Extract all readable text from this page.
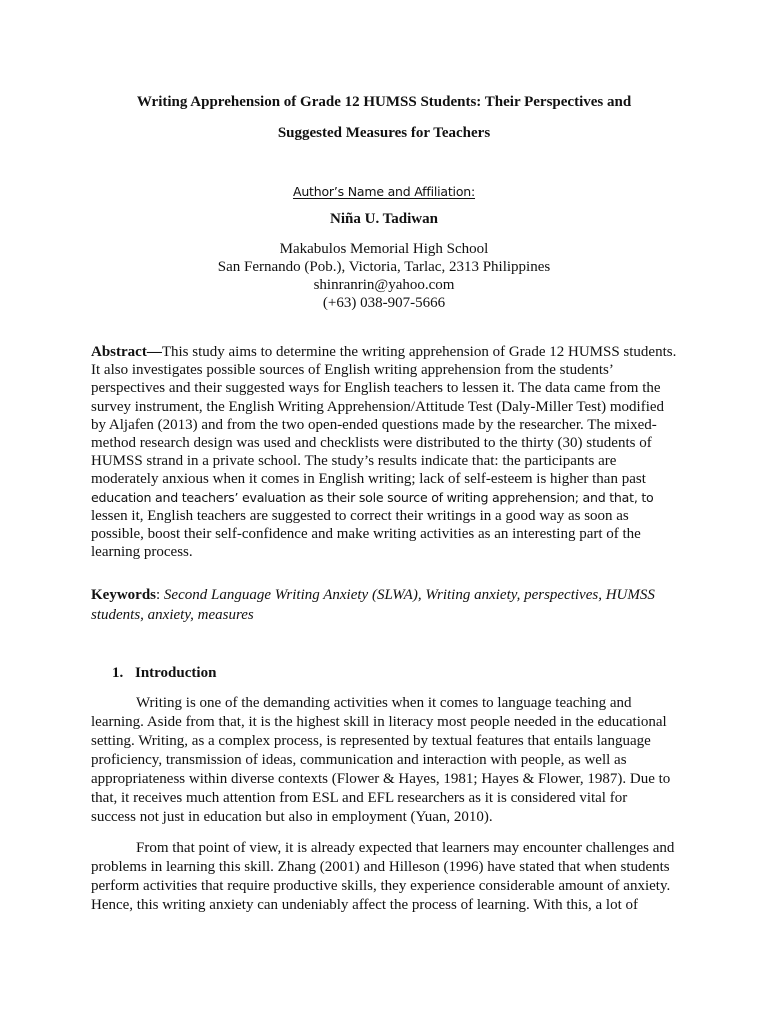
Writing Apprehension of Grade 12 HUMSS Students: Their Perspectives and
Suggested Measures for Teachers
Author’s Name and Affiliation:
Niña U. Tadiwan
Makabulos Memorial High School
San Fernando (Pob.), Victoria, Tarlac, 2313 Philippines
shinranrin@yahoo.com
(+63) 038-907-5666
Abstract—This study aims to determine the writing apprehension of Grade 12 HUMSS students.
It also investigates possible sources of English writing apprehension from the students’
perspectives and their suggested ways for English teachers to lessen it. The data came from the
survey instrument, the English Writing Apprehension/Attitude Test (Daly-Miller Test) modified
by Aljafen (2013) and from the two open-ended questions made by the researcher. The mixed-
method research design was used and checklists were distributed to the thirty (30) students of
HUMSS strand in a private school. The study’s results indicate that: the participants are
moderately anxious when it comes in English writing; lack of self-esteem is higher than past
education and teachers’ evaluation as their sole source of writing apprehension; and that, to
lessen it, English teachers are suggested to correct their writings in a good way as soon as
possible, boost their self-confidence and make writing activities as an interesting part of the
learning process.
Keywords: Second Language Writing Anxiety (SLWA), Writing anxiety, perspectives, HUMSS
students, anxiety, measures
1. Introduction
Writing is one of the demanding activities when it comes to language teaching and
learning. Aside from that, it is the highest skill in literacy most people needed in the educational
setting. Writing, as a complex process, is represented by textual features that entails language
proficiency, transmission of ideas, communication and interaction with people, as well as
appropriateness within diverse contexts (Flower & Hayes, 1981; Hayes & Flower, 1987). Due to
that, it receives much attention from ESL and EFL researchers as it is considered vital for
success not just in education but also in employment (Yuan, 2010).
From that point of view, it is already expected that learners may encounter challenges and
problems in learning this skill. Zhang (2001) and Hilleson (1996) have stated that when students
perform activities that require productive skills, they experience considerable amount of anxiety.
Hence, this writing anxiety can undeniably affect the process of learning. With this, a lot of
